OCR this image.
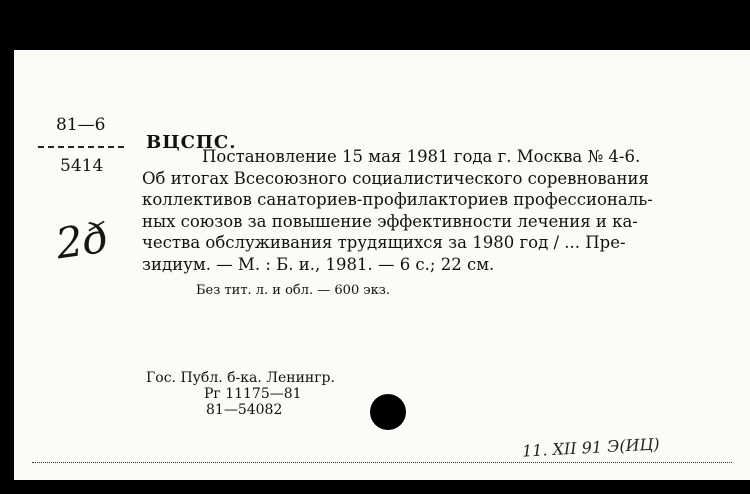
81—6
5414
2ð
ВЦСПС.
Постановление 15 мая 1981 года г. Москва № 4-6.
Об итогах Всесоюзного социалистического соревнования
коллективов санаториев-профилакториев профессиональ-
ных союзов за повышение эффективности лечения и ка-
чества обслуживания трудящихся за 1980 год / ... Пре-
зидиум. — М. : Б. и., 1981. — 6 с.; 22 см.
Без тит. л. и обл. — 600 экз.
Гос. Публ. б-ка. Ленингр.
Рг 11175—81
81—54082
11. XII 91 Э(ИЦ)
